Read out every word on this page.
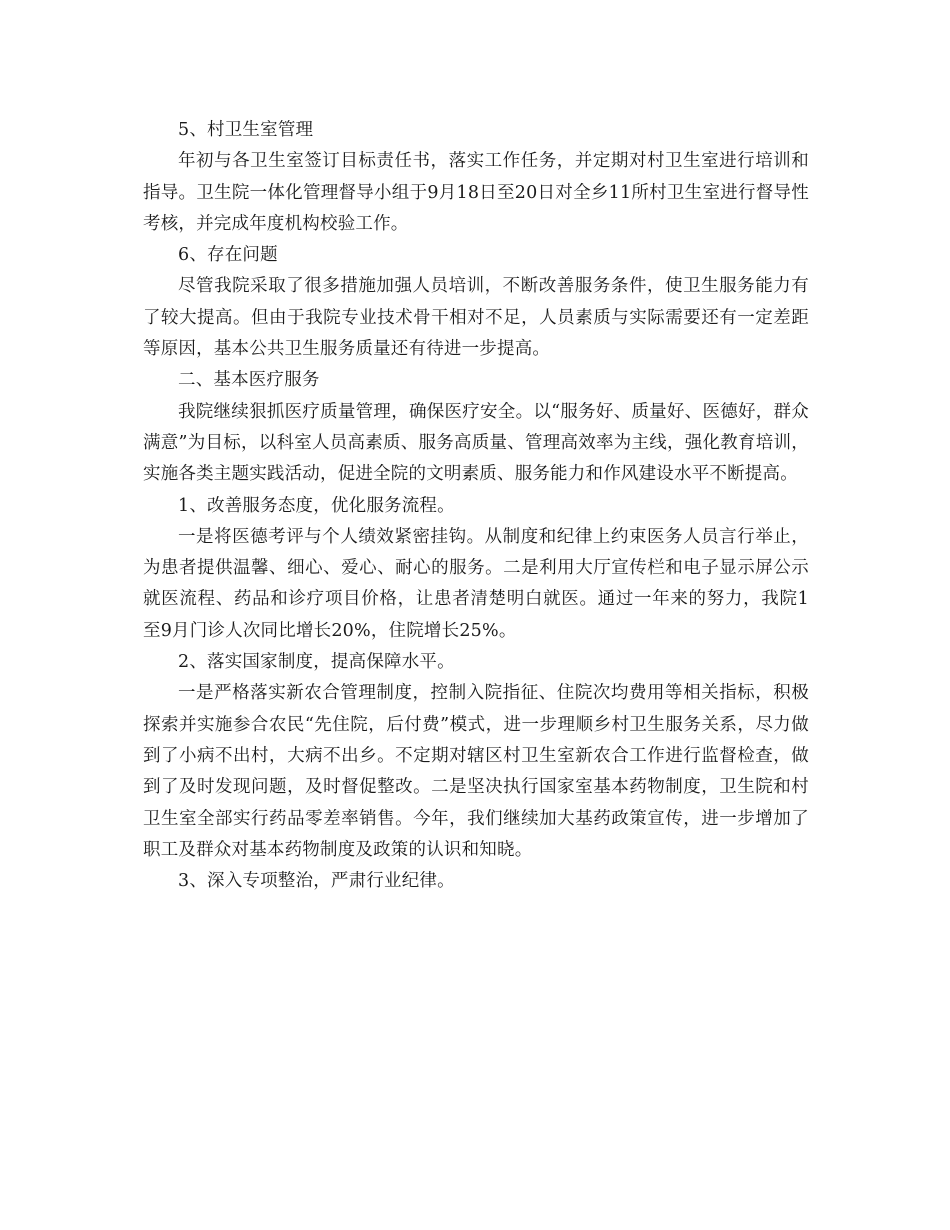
5、村卫生室管理

年初与各卫生室签订目标责任书，落实工作任务，并定期对村卫生室进行培训和指导。卫生院一体化管理督导小组于9月18日至20日对全乡11所村卫生室进行督导性考核，并完成年度机构校验工作。

6、存在问题

尽管我院采取了很多措施加强人员培训，不断改善服务条件，使卫生服务能力有了较大提高。但由于我院专业技术骨干相对不足，人员素质与实际需要还有一定差距等原因，基本公共卫生服务质量还有待进一步提高。

二、基本医疗服务

我院继续狠抓医疗质量管理，确保医疗安全。以“服务好、质量好、医德好，群众满意”为目标，以科室人员高素质、服务高质量、管理高效率为主线，强化教育培训，实施各类主题实践活动，促进全院的文明素质、服务能力和作风建设水平不断提高。

1、改善服务态度，优化服务流程。

一是将医德考评与个人绩效紧密挂钩。从制度和纪律上约束医务人员言行举止，为患者提供温馨、细心、爱心、耐心的服务。二是利用大厅宣传栏和电子显示屏公示就医流程、药品和诊疗项目价格，让患者清楚明白就医。通过一年来的努力，我院1至9月门诊人次同比增长20%，住院增长25%。

2、落实国家制度，提高保障水平。

一是严格落实新农合管理制度，控制入院指征、住院次均费用等相关指标，积极探索并实施参合农民“先住院，后付费”模式，进一步理顺乡村卫生服务关系，尽力做到了小病不出村，大病不出乡。不定期对辖区村卫生室新农合工作进行监督检查，做到了及时发现问题，及时督促整改。二是坚决执行国家室基本药物制度，卫生院和村卫生室全部实行药品零差率销售。今年，我们继续加大基药政策宣传，进一步增加了职工及群众对基本药物制度及政策的认识和知晓。

3、深入专项整治，严肃行业纪律。
